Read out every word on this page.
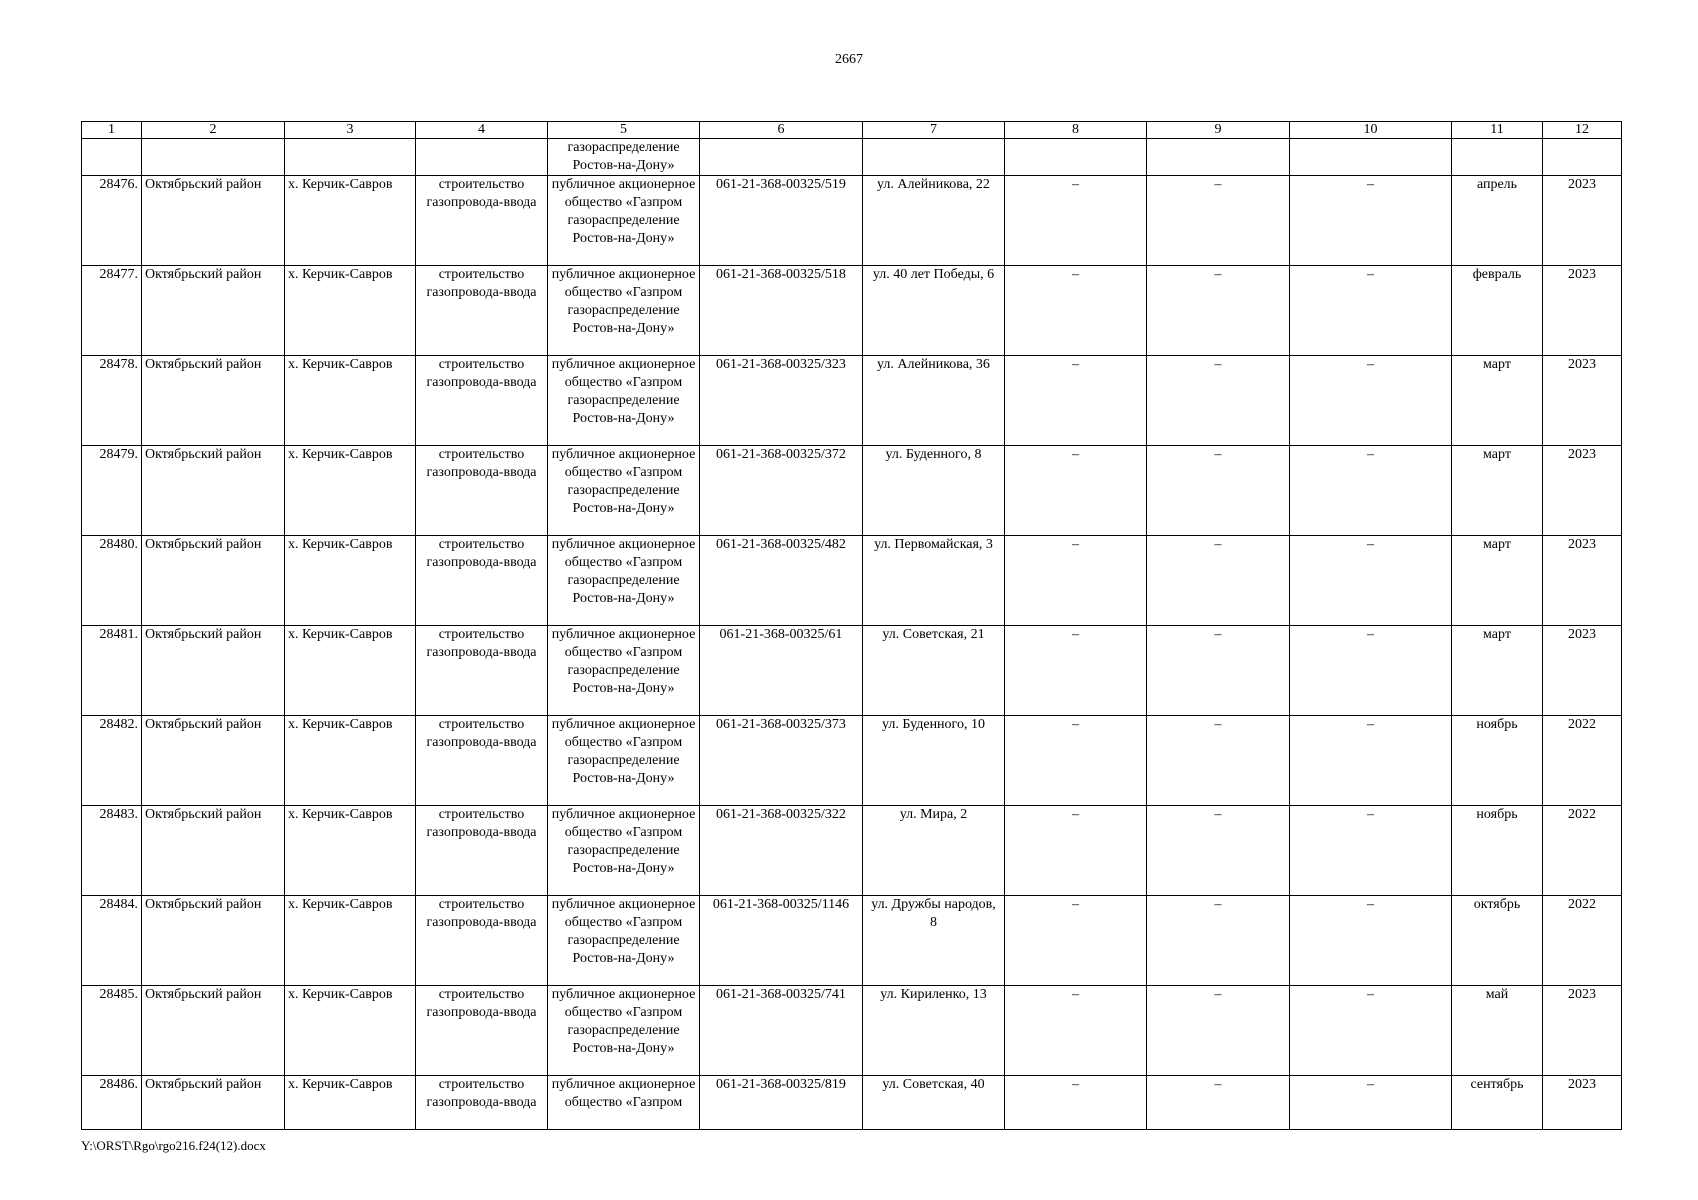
2667
1	2	3	4	5	6	7	8	9	10	11	12
				газораспределение Ростов-на-Дону»							
28476.	Октябрьский район	х. Керчик-Савров	строительство газопровода-ввода	публичное акционерное общество «Газпром газораспределение Ростов-на-Дону»	061-21-368-00325/519	ул. Алейникова, 22	–	–	–	апрель	2023
28477.	Октябрьский район	х. Керчик-Савров	строительство газопровода-ввода	публичное акционерное общество «Газпром газораспределение Ростов-на-Дону»	061-21-368-00325/518	ул. 40 лет Победы, 6	–	–	–	февраль	2023
28478.	Октябрьский район	х. Керчик-Савров	строительство газопровода-ввода	публичное акционерное общество «Газпром газораспределение Ростов-на-Дону»	061-21-368-00325/323	ул. Алейникова, 36	–	–	–	март	2023
28479.	Октябрьский район	х. Керчик-Савров	строительство газопровода-ввода	публичное акционерное общество «Газпром газораспределение Ростов-на-Дону»	061-21-368-00325/372	ул. Буденного, 8	–	–	–	март	2023
28480.	Октябрьский район	х. Керчик-Савров	строительство газопровода-ввода	публичное акционерное общество «Газпром газораспределение Ростов-на-Дону»	061-21-368-00325/482	ул. Первомайская, 3	–	–	–	март	2023
28481.	Октябрьский район	х. Керчик-Савров	строительство газопровода-ввода	публичное акционерное общество «Газпром газораспределение Ростов-на-Дону»	061-21-368-00325/61	ул. Советская, 21	–	–	–	март	2023
28482.	Октябрьский район	х. Керчик-Савров	строительство газопровода-ввода	публичное акционерное общество «Газпром газораспределение Ростов-на-Дону»	061-21-368-00325/373	ул. Буденного, 10	–	–	–	ноябрь	2022
28483.	Октябрьский район	х. Керчик-Савров	строительство газопровода-ввода	публичное акционерное общество «Газпром газораспределение Ростов-на-Дону»	061-21-368-00325/322	ул. Мира, 2	–	–	–	ноябрь	2022
28484.	Октябрьский район	х. Керчик-Савров	строительство газопровода-ввода	публичное акционерное общество «Газпром газораспределение Ростов-на-Дону»	061-21-368-00325/1146	ул. Дружбы народов, 8	–	–	–	октябрь	2022
28485.	Октябрьский район	х. Керчик-Савров	строительство газопровода-ввода	публичное акционерное общество «Газпром газораспределение Ростов-на-Дону»	061-21-368-00325/741	ул. Кириленко, 13	–	–	–	май	2023
28486.	Октябрьский район	х. Керчик-Савров	строительство газопровода-ввода	публичное акционерное общество «Газпром	061-21-368-00325/819	ул. Советская, 40	–	–	–	сентябрь	2023
Y:\ORST\Rgo\rgo216.f24(12).docx
